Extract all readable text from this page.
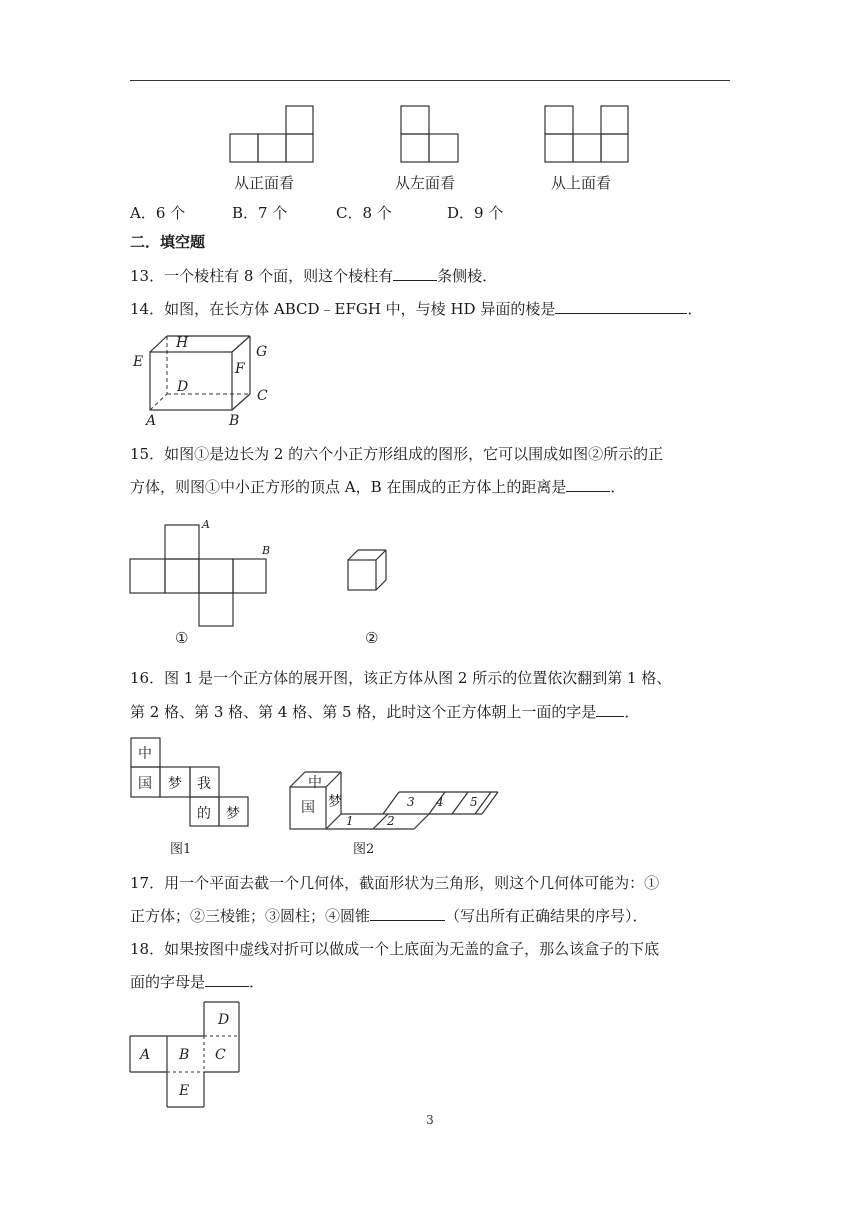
从正面看	从左面看	从上面看
A．6 个	B．7 个	C．8 个	D．9 个
二．填空题
13．一个棱柱有 8 个面，则这个棱柱有	条侧棱．
14．如图，在长方体 ABCD﹣EFGH 中，与棱 HD 异面的棱是	．
E
H
G
F
D
C
A	B
15．如图①是边长为 2 的六个小正方形组成的图形，它可以围成如图②所示的正
方体，则图①中小正方形的顶点 A，B 在围成的正方体上的距离是	．
A
B
①	②
16．图 1 是一个正方体的展开图，该正方体从图 2 所示的位置依次翻到第 1 格、
第 2 格、第 3 格、第 4 格、第 5 格，此时这个正方体朝上一面的字是 ．
中
国 梦 我
的 梦
中
国 梦
1	2
3 4 5
图1	图2
17．用一个平面去截一个几何体，截面形状为三角形，则这个几何体可能为：①
正方体；②三棱锥；③圆柱；④圆锥	（写出所有正确结果的序号）．
18．如果按图中虚线对折可以做成一个上底面为无盖的盒子，那么该盒子的下底
面的字母是	．
D
A B C
E
3
